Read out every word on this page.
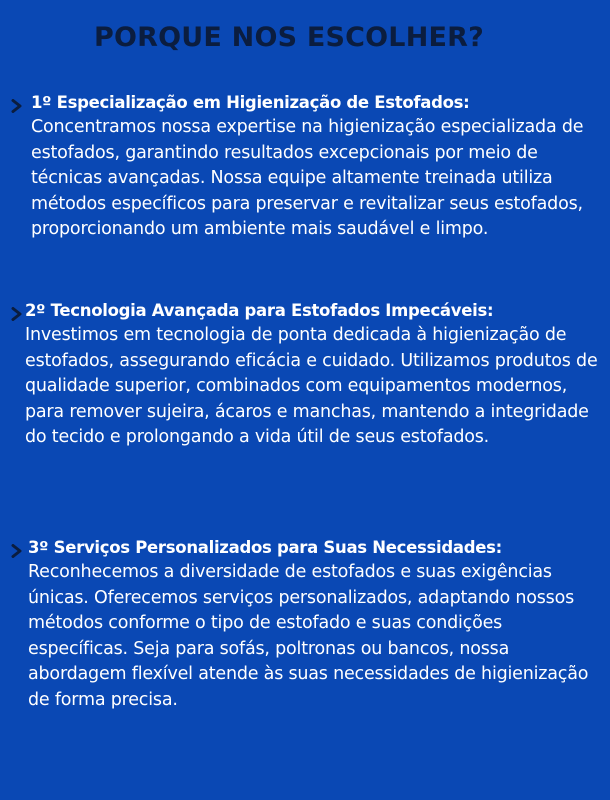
PORQUE NOS ESCOLHER?
1º Especialização em Higienização de Estofados:

Concentramos nossa expertise na higienização especializada de estofados, garantindo resultados excepcionais por meio de técnicas avançadas. Nossa equipe altamente treinada utiliza métodos específicos para preservar e revitalizar seus estofados, proporcionando um ambiente mais saudável e limpo.

2º Tecnologia Avançada para Estofados Impecáveis:

Investimos em tecnologia de ponta dedicada à higienização de estofados, assegurando eficácia e cuidado. Utilizamos produtos de qualidade superior, combinados com equipamentos modernos, para remover sujeira, ácaros e manchas, mantendo a integridade do tecido e prolongando a vida útil de seus estofados.

3º Serviços Personalizados para Suas Necessidades:

Reconhecemos a diversidade de estofados e suas exigências únicas. Oferecemos serviços personalizados, adaptando nossos métodos conforme o tipo de estofado e suas condições específicas. Seja para sofás, poltronas ou bancos, nossa abordagem flexível atende às suas necessidades de higienização de forma precisa.
